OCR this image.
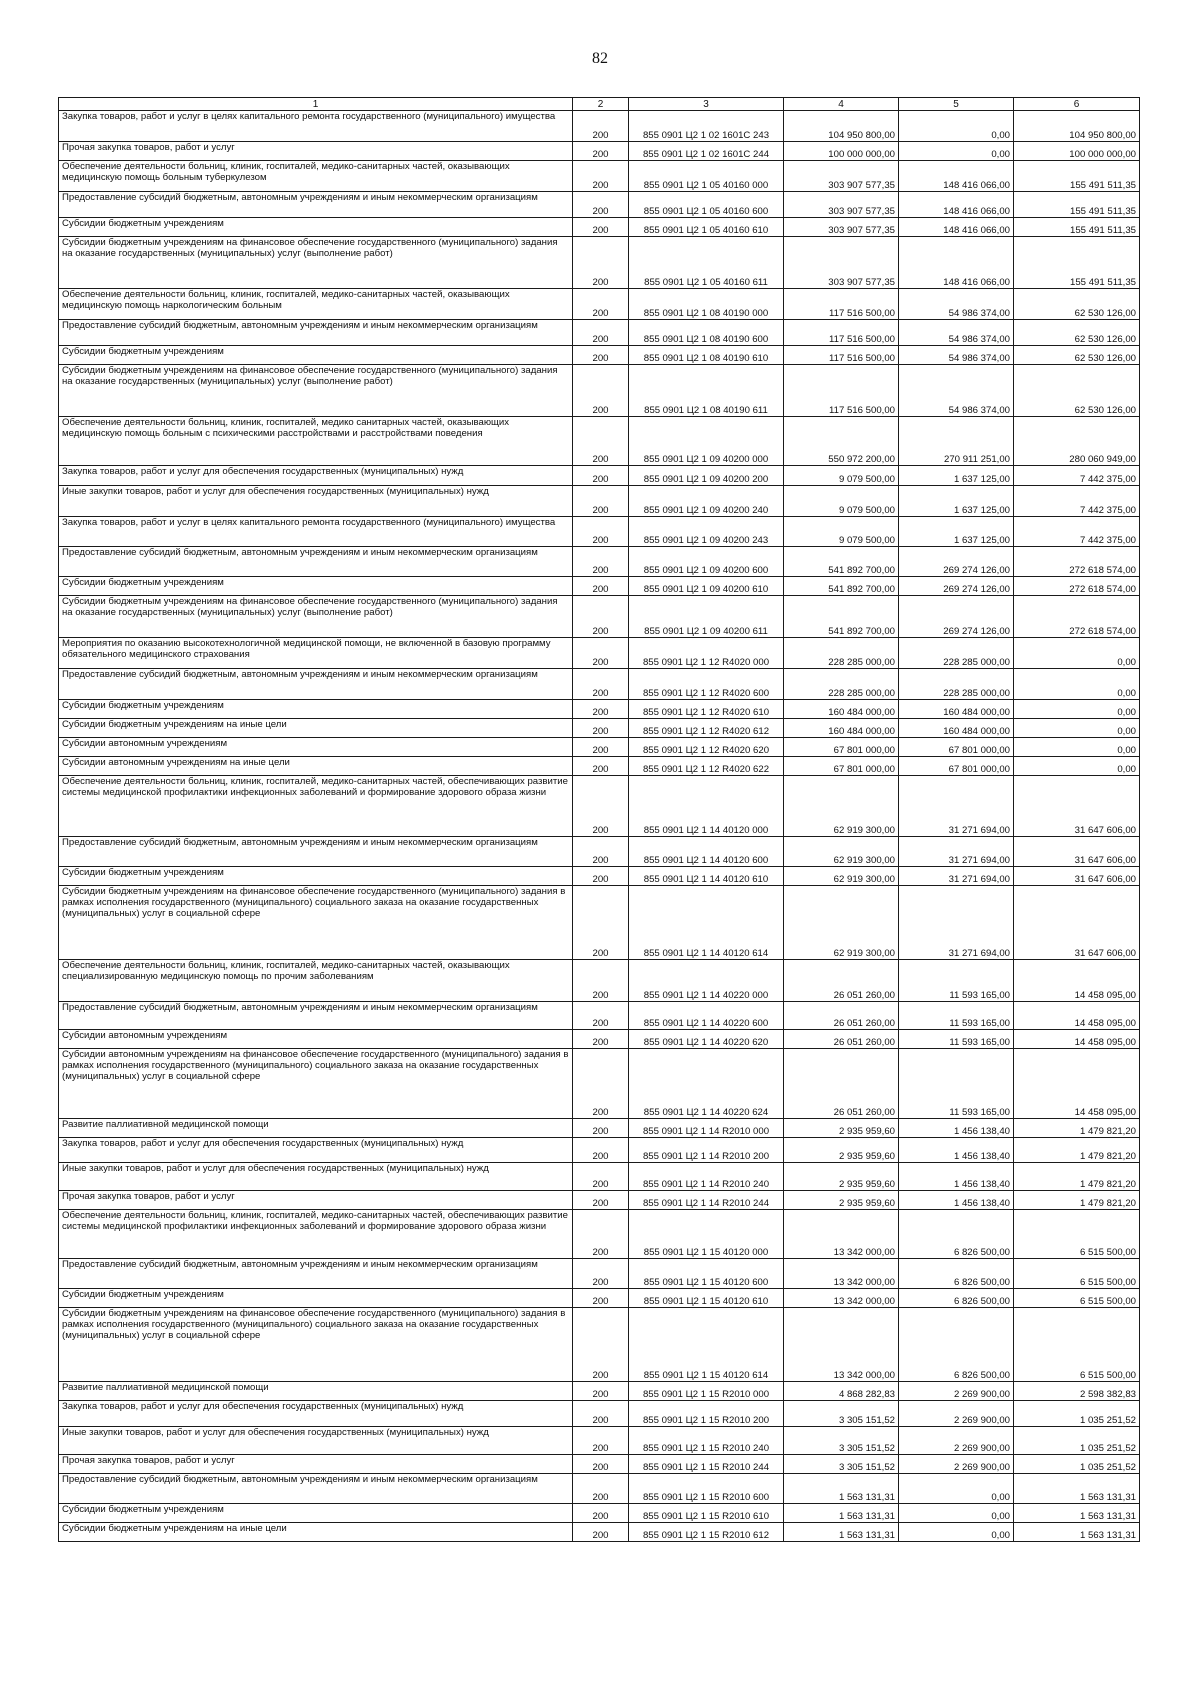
82
1	2	3	4	5	6
Закупка товаров, работ и услуг в целях капитального ремонта государственного (муниципального) имущества	200	855 0901 Ц2 1 02 1601С 243	104 950 800,00	0,00	104 950 800,00
Прочая закупка товаров, работ и услуг	200	855 0901 Ц2 1 02 1601С 244	100 000 000,00	0,00	100 000 000,00
Обеспечение деятельности больниц, клиник, госпиталей, медико-санитарных частей, оказывающих медицинскую помощь больным туберкулезом	200	855 0901 Ц2 1 05 40160 000	303 907 577,35	148 416 066,00	155 491 511,35
Предоставление субсидий бюджетным, автономным учреждениям и иным некоммерческим организациям	200	855 0901 Ц2 1 05 40160 600	303 907 577,35	148 416 066,00	155 491 511,35
Субсидии бюджетным учреждениям	200	855 0901 Ц2 1 05 40160 610	303 907 577,35	148 416 066,00	155 491 511,35
Субсидии бюджетным учреждениям на финансовое обеспечение государственного (муниципального) задания на оказание государственных (муниципальных) услуг (выполнение работ)	200	855 0901 Ц2 1 05 40160 611	303 907 577,35	148 416 066,00	155 491 511,35
Обеспечение деятельности больниц, клиник, госпиталей, медико-санитарных частей, оказывающих медицинскую помощь наркологическим больным	200	855 0901 Ц2 1 08 40190 000	117 516 500,00	54 986 374,00	62 530 126,00
Предоставление субсидий бюджетным, автономным учреждениям и иным некоммерческим организациям	200	855 0901 Ц2 1 08 40190 600	117 516 500,00	54 986 374,00	62 530 126,00
Субсидии бюджетным учреждениям	200	855 0901 Ц2 1 08 40190 610	117 516 500,00	54 986 374,00	62 530 126,00
Субсидии бюджетным учреждениям на финансовое обеспечение государственного (муниципального) задания на оказание государственных (муниципальных) услуг (выполнение работ)	200	855 0901 Ц2 1 08 40190 611	117 516 500,00	54 986 374,00	62 530 126,00
Обеспечение деятельности больниц, клиник, госпиталей, медико санитарных частей, оказывающих медицинскую помощь больным с психическими расстройствами и расстройствами поведения	200	855 0901 Ц2 1 09 40200 000	550 972 200,00	270 911 251,00	280 060 949,00
Закупка товаров, работ и услуг для обеспечения государственных (муниципальных) нужд	200	855 0901 Ц2 1 09 40200 200	9 079 500,00	1 637 125,00	7 442 375,00
Иные закупки товаров, работ и услуг для обеспечения государственных (муниципальных) нужд	200	855 0901 Ц2 1 09 40200 240	9 079 500,00	1 637 125,00	7 442 375,00
Закупка товаров, работ и услуг в целях капитального ремонта государственного (муниципального) имущества	200	855 0901 Ц2 1 09 40200 243	9 079 500,00	1 637 125,00	7 442 375,00
Предоставление субсидий бюджетным, автономным учреждениям и иным некоммерческим организациям	200	855 0901 Ц2 1 09 40200 600	541 892 700,00	269 274 126,00	272 618 574,00
Субсидии бюджетным учреждениям	200	855 0901 Ц2 1 09 40200 610	541 892 700,00	269 274 126,00	272 618 574,00
Субсидии бюджетным учреждениям на финансовое обеспечение государственного (муниципального) задания на оказание государственных (муниципальных) услуг (выполнение работ)	200	855 0901 Ц2 1 09 40200 611	541 892 700,00	269 274 126,00	272 618 574,00
Мероприятия по оказанию высокотехнологичной медицинской помощи, не включенной в базовую программу обязательного медицинского страхования	200	855 0901 Ц2 1 12 R4020 000	228 285 000,00	228 285 000,00	0,00
Предоставление субсидий бюджетным, автономным учреждениям и иным некоммерческим организациям	200	855 0901 Ц2 1 12 R4020 600	228 285 000,00	228 285 000,00	0,00
Субсидии бюджетным учреждениям	200	855 0901 Ц2 1 12 R4020 610	160 484 000,00	160 484 000,00	0,00
Субсидии бюджетным учреждениям на иные цели	200	855 0901 Ц2 1 12 R4020 612	160 484 000,00	160 484 000,00	0,00
Субсидии автономным учреждениям	200	855 0901 Ц2 1 12 R4020 620	67 801 000,00	67 801 000,00	0,00
Субсидии автономным учреждениям на иные цели	200	855 0901 Ц2 1 12 R4020 622	67 801 000,00	67 801 000,00	0,00
Обеспечение деятельности больниц, клиник, госпиталей, медико-санитарных частей, обеспечивающих развитие системы медицинской профилактики инфекционных заболеваний и формирование здорового образа жизни	200	855 0901 Ц2 1 14 40120 000	62 919 300,00	31 271 694,00	31 647 606,00
Предоставление субсидий бюджетным, автономным учреждениям и иным некоммерческим организациям	200	855 0901 Ц2 1 14 40120 600	62 919 300,00	31 271 694,00	31 647 606,00
Субсидии бюджетным учреждениям	200	855 0901 Ц2 1 14 40120 610	62 919 300,00	31 271 694,00	31 647 606,00
Субсидии бюджетным учреждениям на финансовое обеспечение государственного (муниципального) задания в рамках исполнения государственного (муниципального) социального заказа на оказание государственных (муниципальных) услуг в социальной сфере	200	855 0901 Ц2 1 14 40120 614	62 919 300,00	31 271 694,00	31 647 606,00
Обеспечение деятельности больниц, клиник, госпиталей, медико-санитарных частей, оказывающих специализированную медицинскую помощь по прочим заболеваниям	200	855 0901 Ц2 1 14 40220 000	26 051 260,00	11 593 165,00	14 458 095,00
Предоставление субсидий бюджетным, автономным учреждениям и иным некоммерческим организациям	200	855 0901 Ц2 1 14 40220 600	26 051 260,00	11 593 165,00	14 458 095,00
Субсидии автономным учреждениям	200	855 0901 Ц2 1 14 40220 620	26 051 260,00	11 593 165,00	14 458 095,00
Субсидии автономным учреждениям на финансовое обеспечение государственного (муниципального) задания в рамках исполнения государственного (муниципального) социального заказа на оказание государственных (муниципальных) услуг в социальной сфере	200	855 0901 Ц2 1 14 40220 624	26 051 260,00	11 593 165,00	14 458 095,00
Развитие паллиативной медицинской помощи	200	855 0901 Ц2 1 14 R2010 000	2 935 959,60	1 456 138,40	1 479 821,20
Закупка товаров, работ и услуг для обеспечения государственных (муниципальных) нужд	200	855 0901 Ц2 1 14 R2010 200	2 935 959,60	1 456 138,40	1 479 821,20
Иные закупки товаров, работ и услуг для обеспечения государственных (муниципальных) нужд	200	855 0901 Ц2 1 14 R2010 240	2 935 959,60	1 456 138,40	1 479 821,20
Прочая закупка товаров, работ и услуг	200	855 0901 Ц2 1 14 R2010 244	2 935 959,60	1 456 138,40	1 479 821,20
Обеспечение деятельности больниц, клиник, госпиталей, медико-санитарных частей, обеспечивающих развитие системы медицинской профилактики инфекционных заболеваний и формирование здорового образа жизни	200	855 0901 Ц2 1 15 40120 000	13 342 000,00	6 826 500,00	6 515 500,00
Предоставление субсидий бюджетным, автономным учреждениям и иным некоммерческим организациям	200	855 0901 Ц2 1 15 40120 600	13 342 000,00	6 826 500,00	6 515 500,00
Субсидии бюджетным учреждениям	200	855 0901 Ц2 1 15 40120 610	13 342 000,00	6 826 500,00	6 515 500,00
Субсидии бюджетным учреждениям на финансовое обеспечение государственного (муниципального) задания в рамках исполнения государственного (муниципального) социального заказа на оказание государственных (муниципальных) услуг в социальной сфере	200	855 0901 Ц2 1 15 40120 614	13 342 000,00	6 826 500,00	6 515 500,00
Развитие паллиативной медицинской помощи	200	855 0901 Ц2 1 15 R2010 000	4 868 282,83	2 269 900,00	2 598 382,83
Закупка товаров, работ и услуг для обеспечения государственных (муниципальных) нужд	200	855 0901 Ц2 1 15 R2010 200	3 305 151,52	2 269 900,00	1 035 251,52
Иные закупки товаров, работ и услуг для обеспечения государственных (муниципальных) нужд	200	855 0901 Ц2 1 15 R2010 240	3 305 151,52	2 269 900,00	1 035 251,52
Прочая закупка товаров, работ и услуг	200	855 0901 Ц2 1 15 R2010 244	3 305 151,52	2 269 900,00	1 035 251,52
Предоставление субсидий бюджетным, автономным учреждениям и иным некоммерческим организациям	200	855 0901 Ц2 1 15 R2010 600	1 563 131,31	0,00	1 563 131,31
Субсидии бюджетным учреждениям	200	855 0901 Ц2 1 15 R2010 610	1 563 131,31	0,00	1 563 131,31
Субсидии бюджетным учреждениям на иные цели	200	855 0901 Ц2 1 15 R2010 612	1 563 131,31	0,00	1 563 131,31
